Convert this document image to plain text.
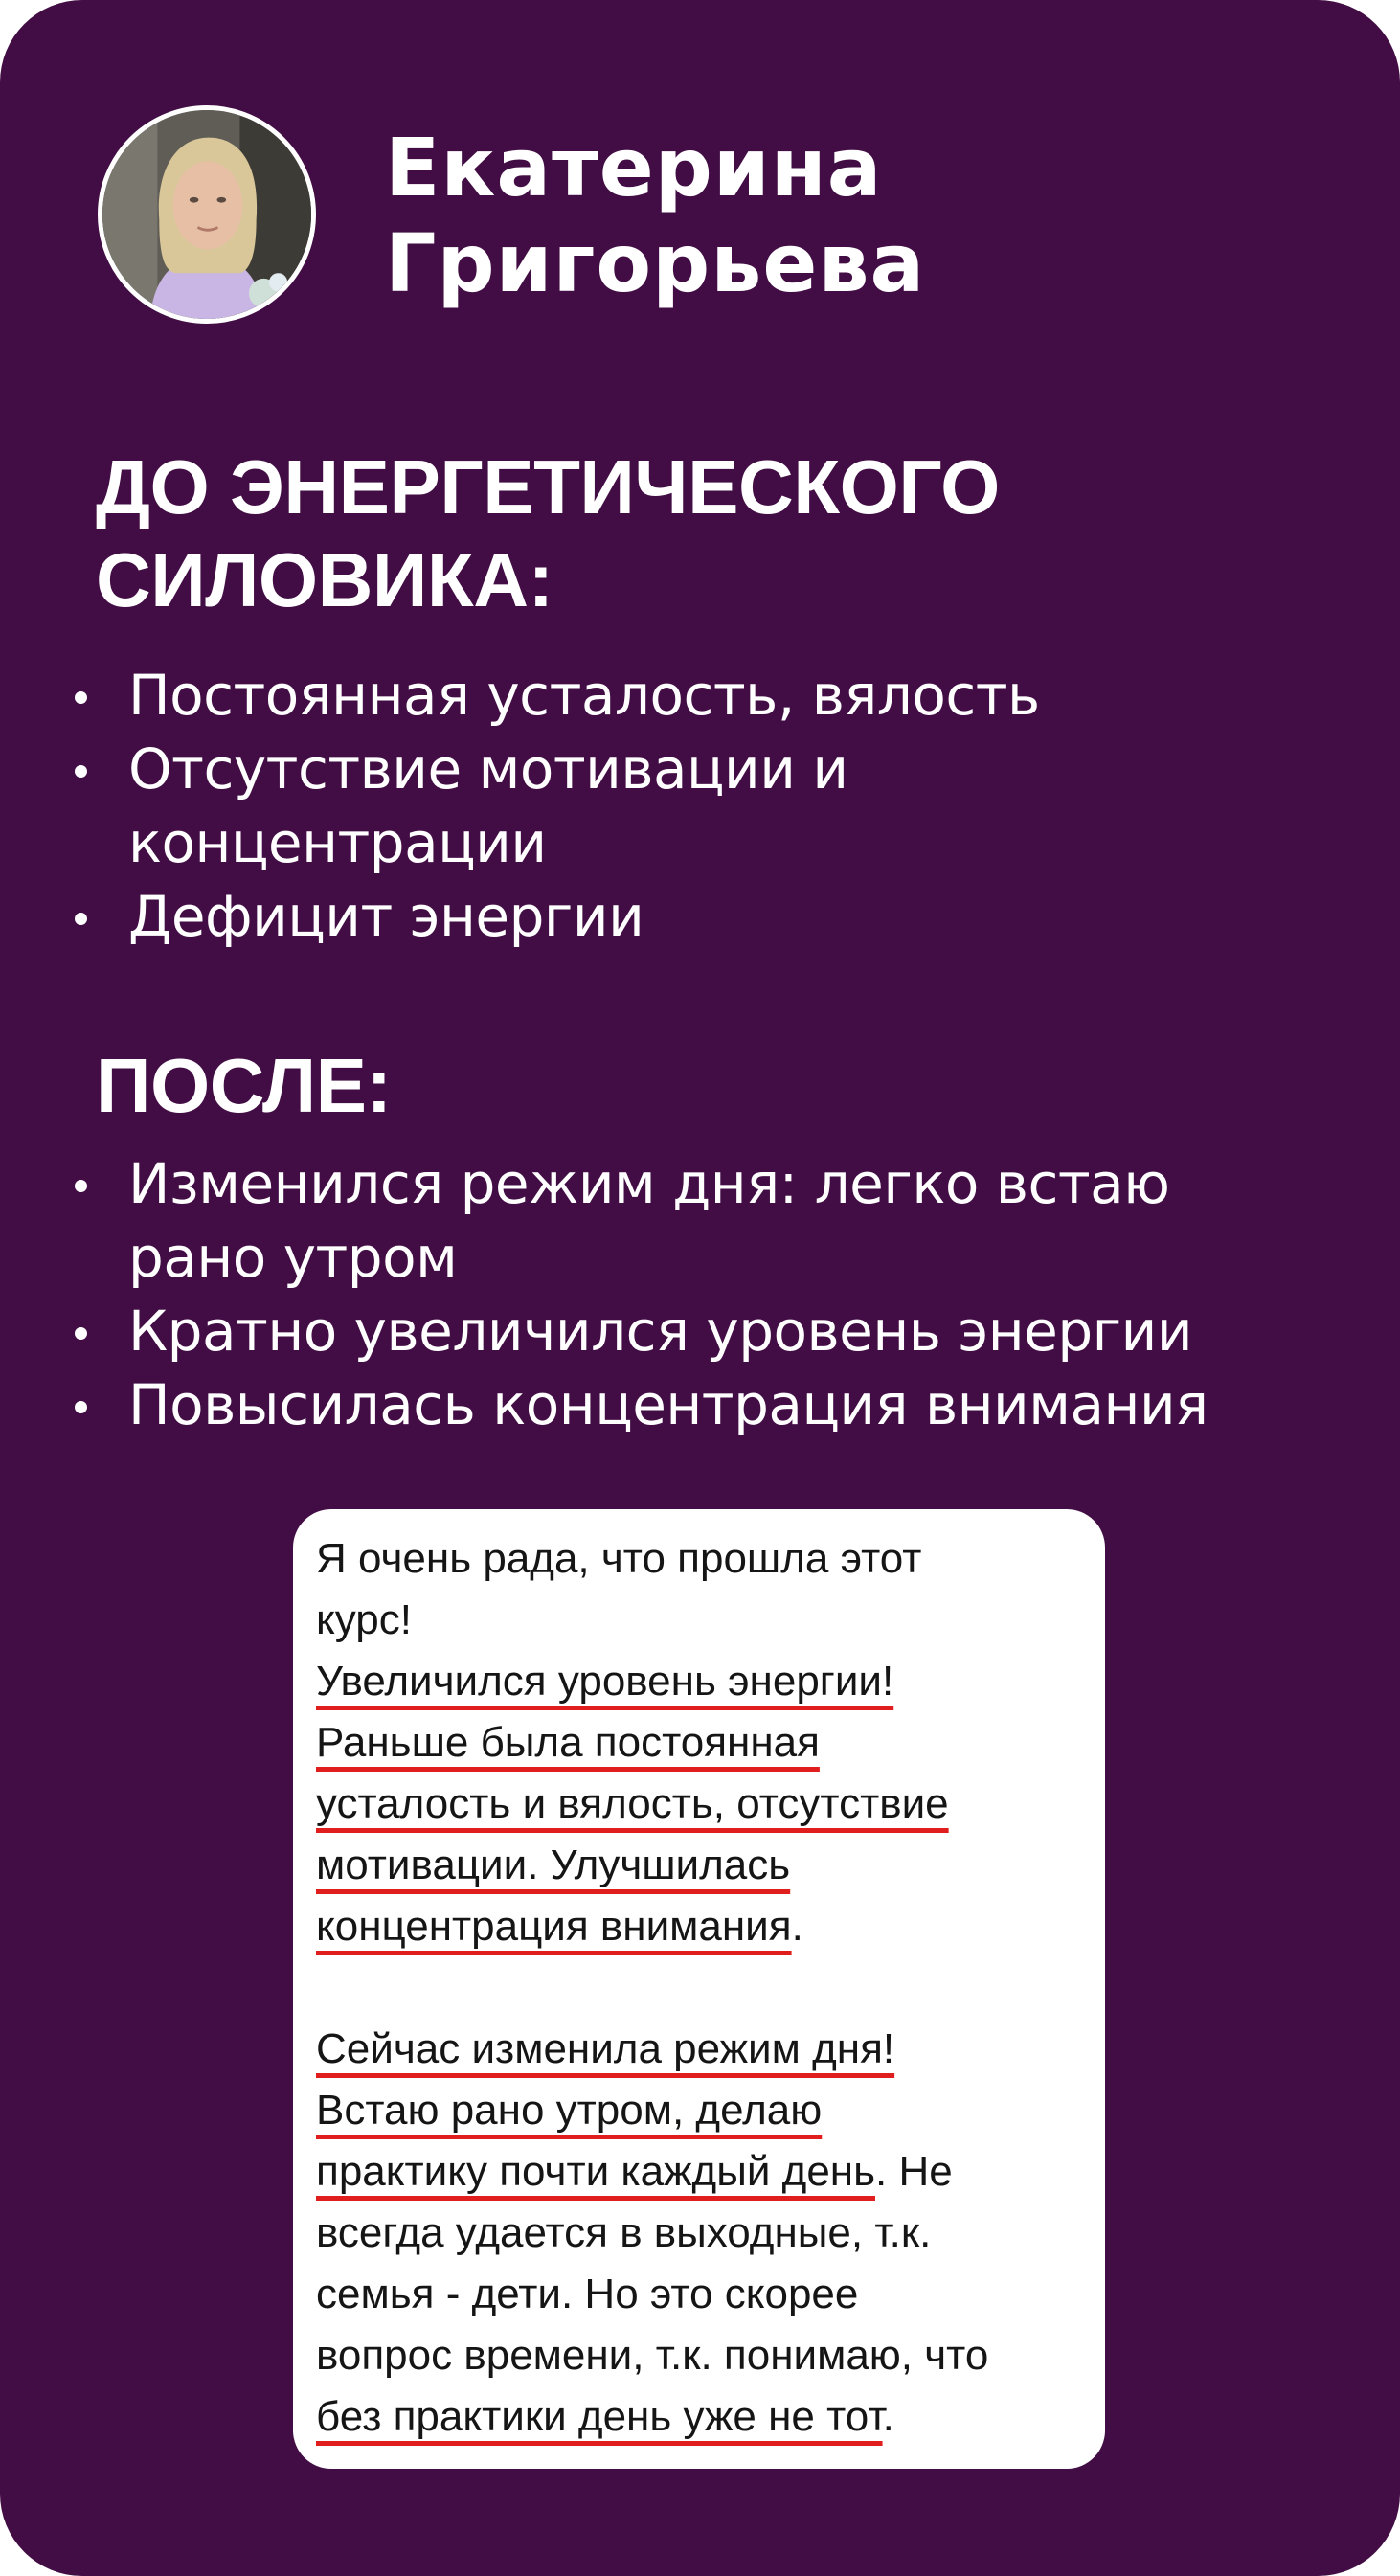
Екатерина
Григорьева
ДО ЭНЕРГЕТИЧЕСКОГО
СИЛОВИКА:
Постоянная усталость, вялость
Отсутствие мотивации и
концентрации
Дефицит энергии
ПОСЛЕ:
Изменился режим дня: легко встаю
рано утром
Кратно увеличился уровень энергии
Повысилась концентрация внимания
Я очень рада, что прошла этот
курс!
Увеличился уровень энергии!
Раньше была постоянная
усталость и вялость, отсутствие
мотивации. Улучшилась
концентрация внимания.
Сейчас изменила режим дня!
Встаю рано утром, делаю
практику почти каждый день. Не
всегда удается в выходные, т.к.
семья - дети. Но это скорее
вопрос времени, т.к. понимаю, что
без практики день уже не тот.
